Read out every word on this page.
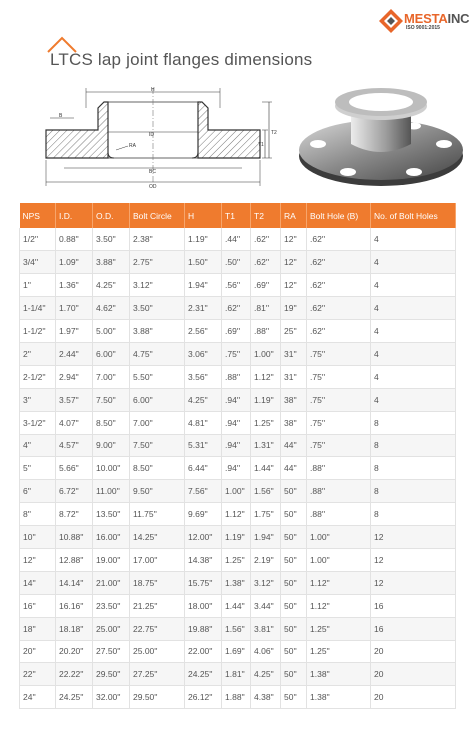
MESTAINC
ISO 9001:2015
LTCS lap joint flanges dimensions
H
B
ID
RA
BC
OD
T1
T2
NPS	I.D.	O.D.	Bolt Circle	H	T1	T2	RA	Bolt Hole (B)	No. of Bolt Holes
1/2''	0.88''	3.50''	2.38''	1.19''	.44''	.62''	12''	.62''	4
3/4''	1.09''	3.88''	2.75''	1.50''	.50''	.62''	12''	.62''	4
1''	1.36''	4.25''	3.12''	1.94''	.56''	.69''	12''	.62''	4
1-1/4''	1.70''	4.62''	3.50''	2.31''	.62''	.81''	19''	.62''	4
1-1/2''	1.97''	5.00''	3.88''	2.56''	.69''	.88''	25''	.62''	4
2''	2.44''	6.00''	4.75''	3.06''	.75''	1.00''	31''	.75''	4
2-1/2''	2.94''	7.00''	5.50''	3.56''	.88''	1.12''	31''	.75''	4
3''	3.57''	7.50''	6.00''	4.25''	.94''	1.19''	38''	.75''	4
3-1/2''	4.07''	8.50''	7.00''	4.81''	.94''	1.25''	38''	.75''	8
4''	4.57''	9.00''	7.50''	5.31''	.94''	1.31''	44''	.75''	8
5''	5.66''	10.00''	8.50''	6.44''	.94''	1.44''	44''	.88''	8
6''	6.72''	11.00''	9.50''	7.56''	1.00''	1.56''	50''	.88''	8
8''	8.72''	13.50''	11.75''	9.69''	1.12''	1.75''	50''	.88''	8
10''	10.88''	16.00''	14.25''	12.00''	1.19''	1.94''	50''	1.00''	12
12''	12.88''	19.00''	17.00''	14.38''	1.25''	2.19''	50''	1.00''	12
14''	14.14''	21.00''	18.75''	15.75''	1.38''	3.12''	50''	1.12''	12
16''	16.16''	23.50''	21.25''	18.00''	1.44''	3.44''	50''	1.12''	16
18''	18.18''	25.00''	22.75''	19.88''	1.56''	3.81''	50''	1.25''	16
20''	20.20''	27.50''	25.00''	22.00''	1.69''	4.06''	50''	1.25''	20
22''	22.22''	29.50''	27.25''	24.25''	1.81''	4.25''	50''	1.38''	20
24''	24.25''	32.00''	29.50''	26.12''	1.88''	4.38''	50''	1.38''	20
